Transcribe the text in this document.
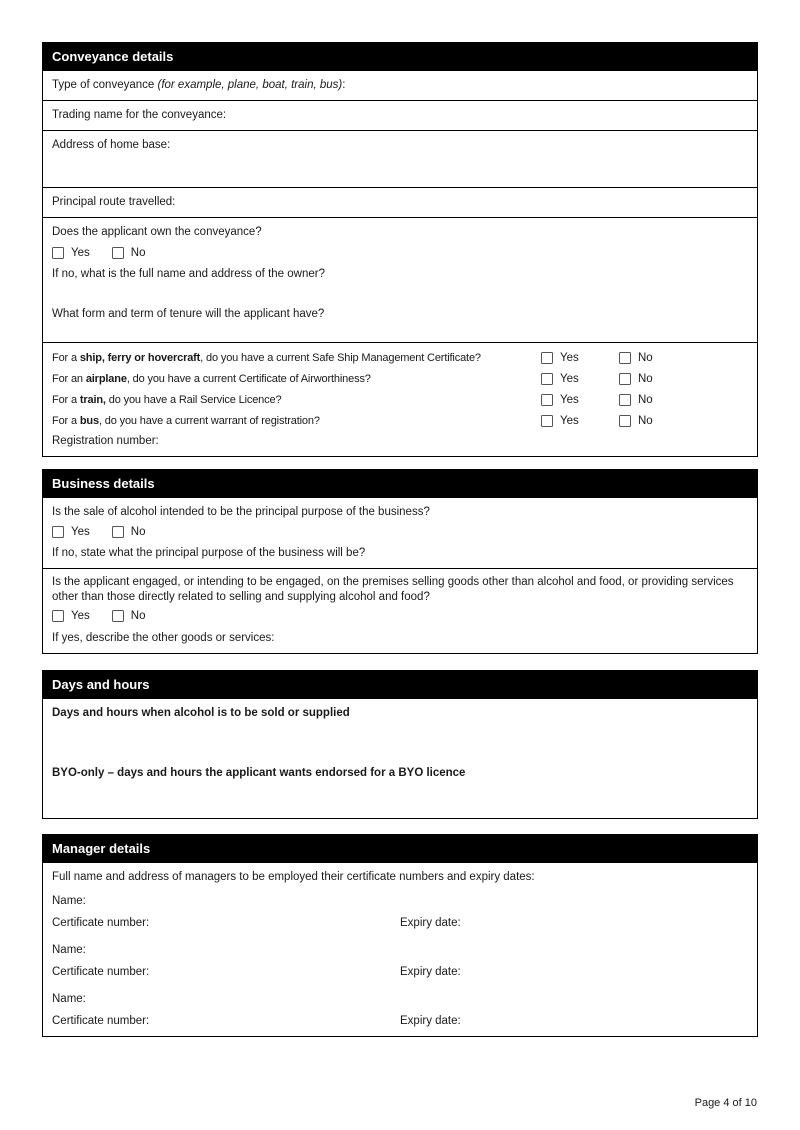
Conveyance details
Type of conveyance (for example, plane, boat, train, bus):
Trading name for the conveyance:
Address of home base:
Principal route travelled:
Does the applicant own the conveyance?
Yes	No
If no, what is the full name and address of the owner?
What form and term of tenure will the applicant have?
For a ship, ferry or hovercraft, do you have a current Safe Ship Management Certificate?	Yes	No
For an airplane, do you have a current Certificate of Airworthiness?	Yes	No
For a train, do you have a Rail Service Licence?	Yes	No
For a bus, do you have a current warrant of registration?	Yes	No
Registration number:
Business details
Is the sale of alcohol intended to be the principal purpose of the business?
Yes	No
If no, state what the principal purpose of the business will be?
Is the applicant engaged, or intending to be engaged, on the premises selling goods other than alcohol and food, or providing services other than those directly related to selling and supplying alcohol and food?
Yes	No
If yes, describe the other goods or services:
Days and hours
Days and hours when alcohol is to be sold or supplied
BYO-only – days and hours the applicant wants endorsed for a BYO licence
Manager details
Full name and address of managers to be employed their certificate numbers and expiry dates:
Name:
Certificate number:	Expiry date:
Name:
Certificate number:	Expiry date:
Name:
Certificate number:	Expiry date:
Page 4 of 10
